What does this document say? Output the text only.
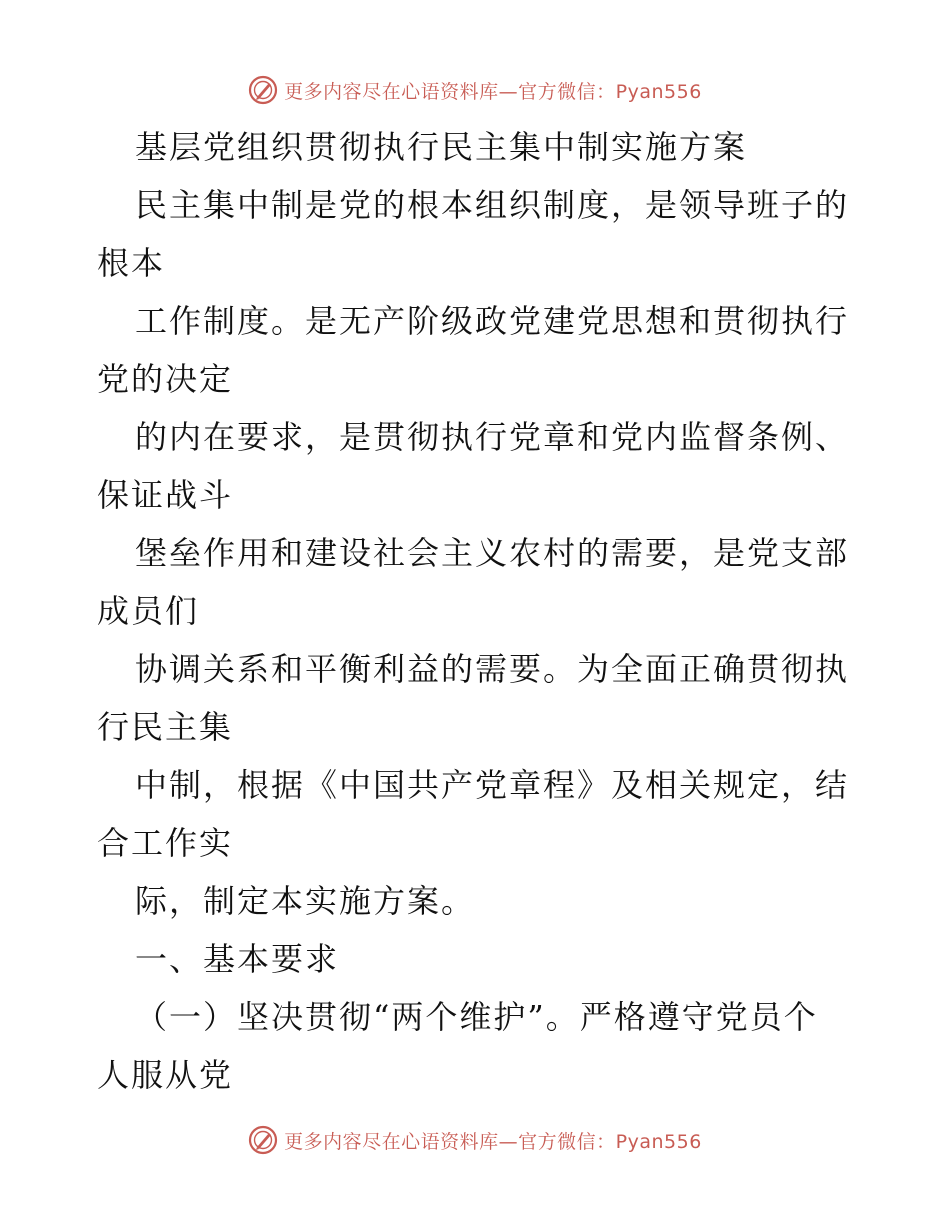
更多内容尽在心语资料库—官方微信：Pyan556
基层党组织贯彻执行民主集中制实施方案
民主集中制是党的根本组织制度，是领导班子的
根本
工作制度。是无产阶级政党建党思想和贯彻执行
党的决定
的内在要求，是贯彻执行党章和党内监督条例、
保证战斗
堡垒作用和建设社会主义农村的需要，是党支部
成员们
协调关系和平衡利益的需要。为全面正确贯彻执
行民主集
中制，根据《中国共产党章程》及相关规定，结
合工作实
际，制定本实施方案。
一、基本要求
（一）坚决贯彻“两个维护”。严格遵守党员个
人服从党
更多内容尽在心语资料库—官方微信：Pyan556
